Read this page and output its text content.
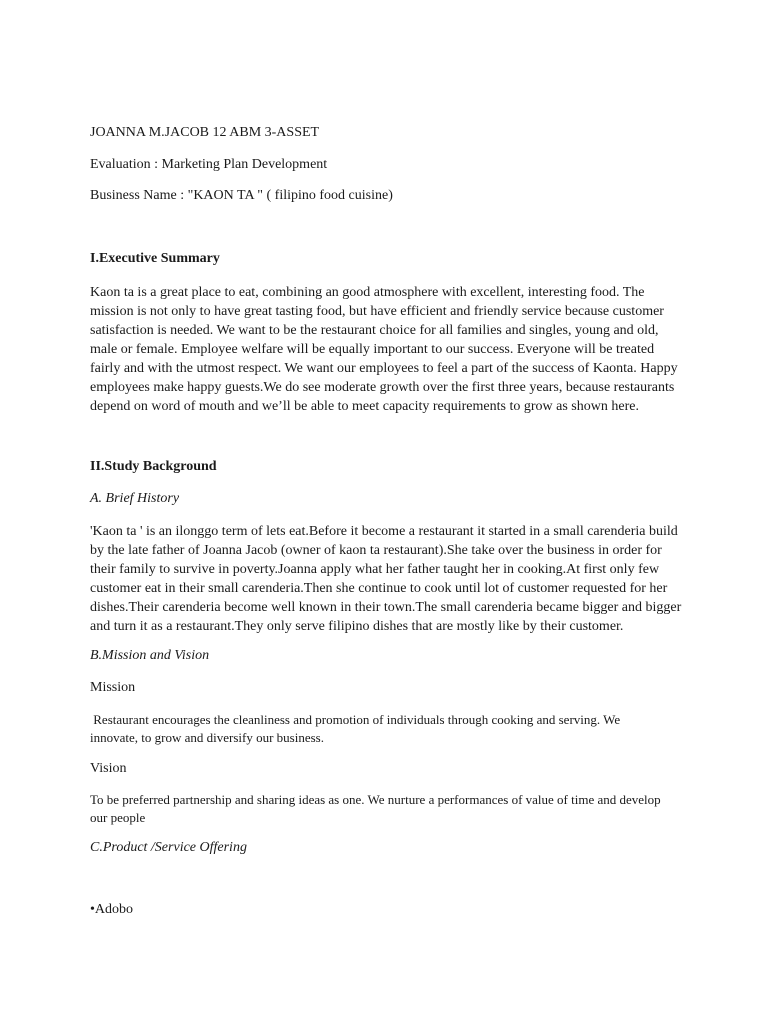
JOANNA M.JACOB 12 ABM 3-ASSET
Evaluation : Marketing Plan Development
Business Name : "KAON TA " ( filipino food cuisine)
I.Executive Summary
Kaon ta is a great place to eat, combining an good atmosphere with excellent, interesting food. The
mission is not only to have great tasting food, but have efficient and friendly service because customer
satisfaction is needed. We want to be the restaurant choice for all families and singles, young and old,
male or female. Employee welfare will be equally important to our success. Everyone will be treated
fairly and with the utmost respect. We want our employees to feel a part of the success of Kaonta. Happy
employees make happy guests.We do see moderate growth over the first three years, because restaurants
depend on word of mouth and we’ll be able to meet capacity requirements to grow as shown here.
II.Study Background
A. Brief History
'Kaon ta ' is an ilonggo term of lets eat.Before it become a restaurant it started in a small carenderia build
by the late father of Joanna Jacob (owner of kaon ta restaurant).She take over the business in order for
their family to survive in poverty.Joanna apply what her father taught her in cooking.At first only few
customer eat in their small carenderia.Then she continue to cook until lot of customer requested for her
dishes.Their carenderia become well known in their town.The small carenderia became bigger and bigger
and turn it as a restaurant.They only serve filipino dishes that are mostly like by their customer.
B.Mission and Vision
Mission
Restaurant encourages the cleanliness and promotion of individuals through cooking and serving. We
innovate, to grow and diversify our business.
Vision
To be preferred partnership and sharing ideas as one. We nurture a performances of value of time and develop
our people
C.Product /Service Offering
•Adobo
